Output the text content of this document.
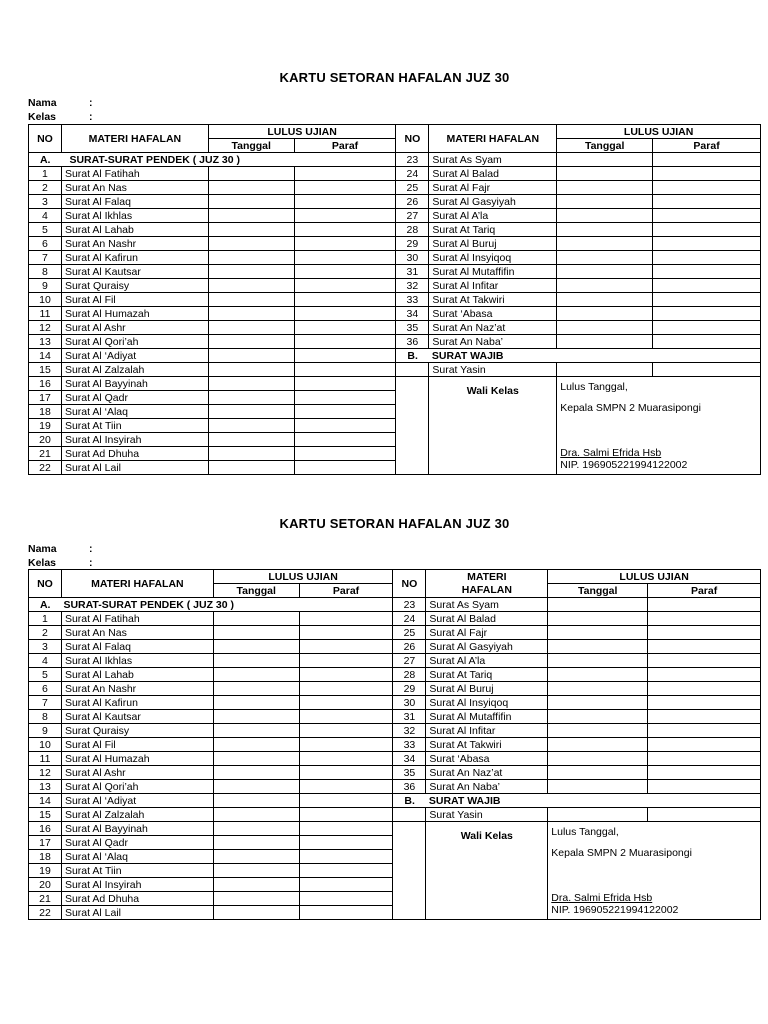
KARTU SETORAN HAFALAN JUZ 30
Nama	:
Kelas	:
NO	MATERI HAFALAN	LULUS UJIAN		NO	MATERI HAFALAN	LULUS UJIAN	
		Tanggal	Paraf			Tanggal	Paraf
A.	SURAT-SURAT PENDEK ( JUZ 30 )			23	Surat As Syam		
1	Surat Al Fatihah			24	Surat Al Balad		
2	Surat An Nas			25	Surat Al Fajr		
3	Surat Al Falaq			26	Surat Al Gasyiyah		
4	Surat Al Ikhlas			27	Surat Al A’la		
5	Surat Al Lahab			28	Surat At Tariq		
6	Surat An Nashr			29	Surat Al Buruj		
7	Surat Al Kafirun			30	Surat Al Insyiqoq		
8	Surat Al Kautsar			31	Surat Al Mutaffifin		
9	Surat Quraisy			32	Surat Al Infitar		
10	Surat Al Fil			33	Surat At Takwiri		
11	Surat Al Humazah			34	Surat ‘Abasa		
12	Surat Al Ashr			35	Surat An Naz’at		
13	Surat Al Qori’ah			36	Surat An Naba’		
14	Surat Al ‘Adiyat			B.	SURAT WAJIB		
15	Surat Al Zalzalah				Surat Yasin		
16	Surat Al Bayyinah				Wali Kelas	Lulus Tanggal,
Kepala SMPN 2 Muarasipongi
Dra. Salmi Efrida Hsb
NIP. 196905221994122002	

17	Surat Al Qadr						
18	Surat Al ‘Alaq						
19	Surat At Tiin						
20	Surat Al Insyirah						
21	Surat Ad Dhuha						
22	Surat Al Lail						
KARTU SETORAN HAFALAN JUZ 30
Nama	:
Kelas	:
NO	MATERI HAFALAN	LULUS UJIAN		NO	MATERI
HAFALAN	LULUS UJIAN	
		Tanggal	Paraf			Tanggal	Paraf
A.	SURAT-SURAT PENDEK ( JUZ 30 )			23	Surat As Syam		
1	Surat Al Fatihah			24	Surat Al Balad		
2	Surat An Nas			25	Surat Al Fajr		
3	Surat Al Falaq			26	Surat Al Gasyiyah		
4	Surat Al Ikhlas			27	Surat Al A’la		
5	Surat Al Lahab			28	Surat At Tariq		
6	Surat An Nashr			29	Surat Al Buruj		
7	Surat Al Kafirun			30	Surat Al Insyiqoq		
8	Surat Al Kautsar			31	Surat Al Mutaffifin		
9	Surat Quraisy			32	Surat Al Infitar		
10	Surat Al Fil			33	Surat At Takwiri		
11	Surat Al Humazah			34	Surat ‘Abasa		
12	Surat Al Ashr			35	Surat An Naz’at		
13	Surat Al Qori’ah			36	Surat An Naba’		
14	Surat Al ‘Adiyat			B.	SURAT WAJIB		
15	Surat Al Zalzalah				Surat Yasin		
16	Surat Al Bayyinah				Wali Kelas	Lulus Tanggal,
Kepala SMPN 2 Muarasipongi
Dra. Salmi Efrida Hsb
NIP. 196905221994122002	

17	Surat Al Qadr						
18	Surat Al ‘Alaq						
19	Surat At Tiin						
20	Surat Al Insyirah						
21	Surat Ad Dhuha						
22	Surat Al Lail						
